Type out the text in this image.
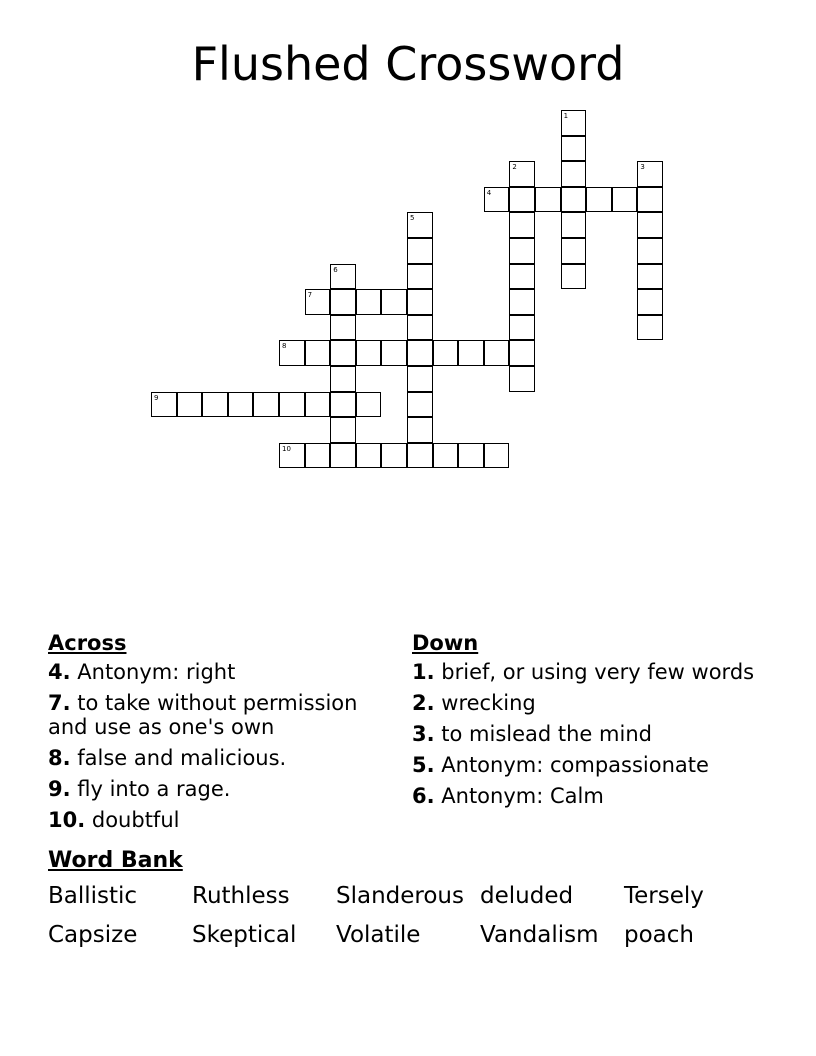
Flushed Crossword
4
7
8
9
10
1
2	3
5
6
Across
4. Antonym: right
7. to take without permission and use as one's own
8. false and malicious.
9. fly into a rage.
10. doubtful
Down
1. brief, or using very few words
2. wrecking
3. to mislead the mind
5. Antonym: compassionate
6. Antonym: Calm
Word Bank
Ballistic	Ruthless	Slanderous deluded	Tersely
Capsize	Skeptical	Volatile	Vandalism	poach
